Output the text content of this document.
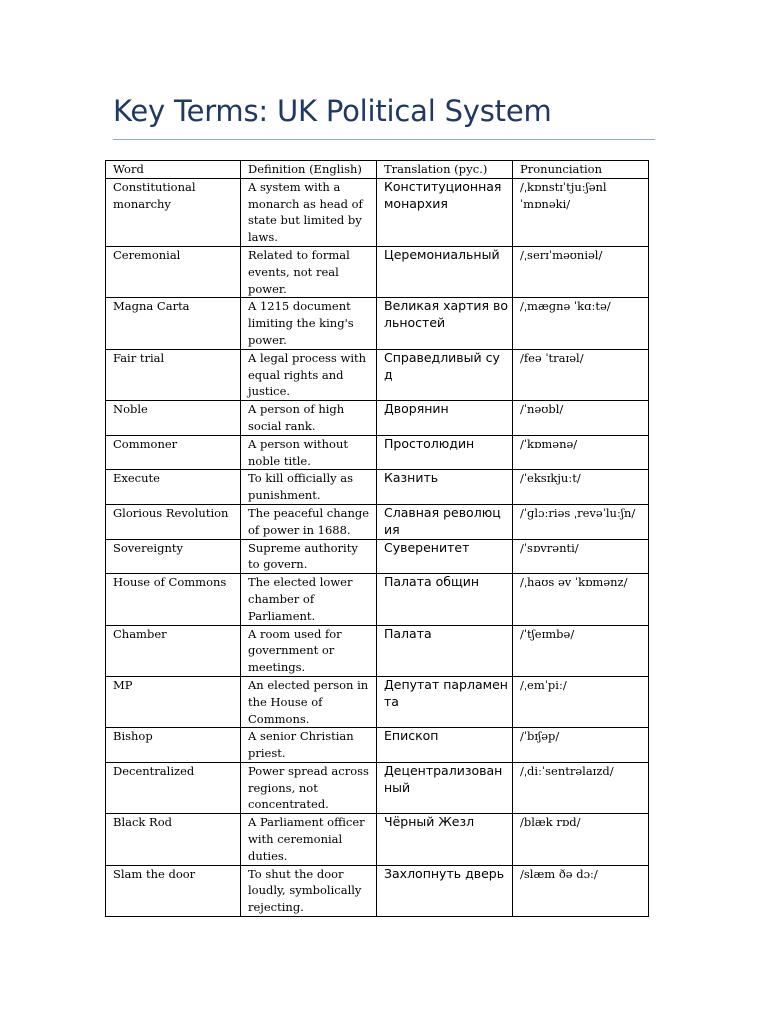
Key Terms: UK Political System
Word	Definition (English)	Translation (рус.)	Pronunciation
Constitutional monarchy	A system with a monarch as head of state but limited by laws.	Конституционная монархия	/ˌkɒnstɪˈtjuːʃənl ˈmɒnəki/
Ceremonial	Related to formal events, not real power.	Церемониальный	/ˌserɪˈməʊniəl/
Magna Carta	A 1215 document limiting the king's power.	Великая хартия вольностей	/ˌmæɡnə ˈkɑːtə/
Fair trial	A legal process with equal rights and justice.	Справедливый суд	/feə ˈtraɪəl/
Noble	A person of high social rank.	Дворянин	/ˈnəʊbl/
Commoner	A person without noble title.	Простолюдин	/ˈkɒmənə/
Execute	To kill officially as punishment.	Казнить	/ˈeksɪkjuːt/
Glorious Revolution	The peaceful change of power in 1688.	Славная революция	/ˈɡlɔːriəs ˌrevəˈluːʃn/
Sovereignty	Supreme authority to govern.	Суверенитет	/ˈsɒvrənti/
House of Commons	The elected lower chamber of Parliament.	Палата общин	/ˌhaʊs əv ˈkɒmənz/
Chamber	A room used for government or meetings.	Палата	/ˈtʃeɪmbə/
MP	An elected person in the House of Commons.	Депутат парламента	/ˌemˈpiː/
Bishop	A senior Christian priest.	Епископ	/ˈbɪʃəp/
Decentralized	Power spread across regions, not concentrated.	Децентрализованный	/ˌdiːˈsentrəlaɪzd/
Black Rod	A Parliament officer with ceremonial duties.	Чёрный Жезл	/blæk rɒd/
Slam the door	To shut the door loudly, symbolically rejecting.	Захлопнуть дверь	/slæm ðə dɔː/
